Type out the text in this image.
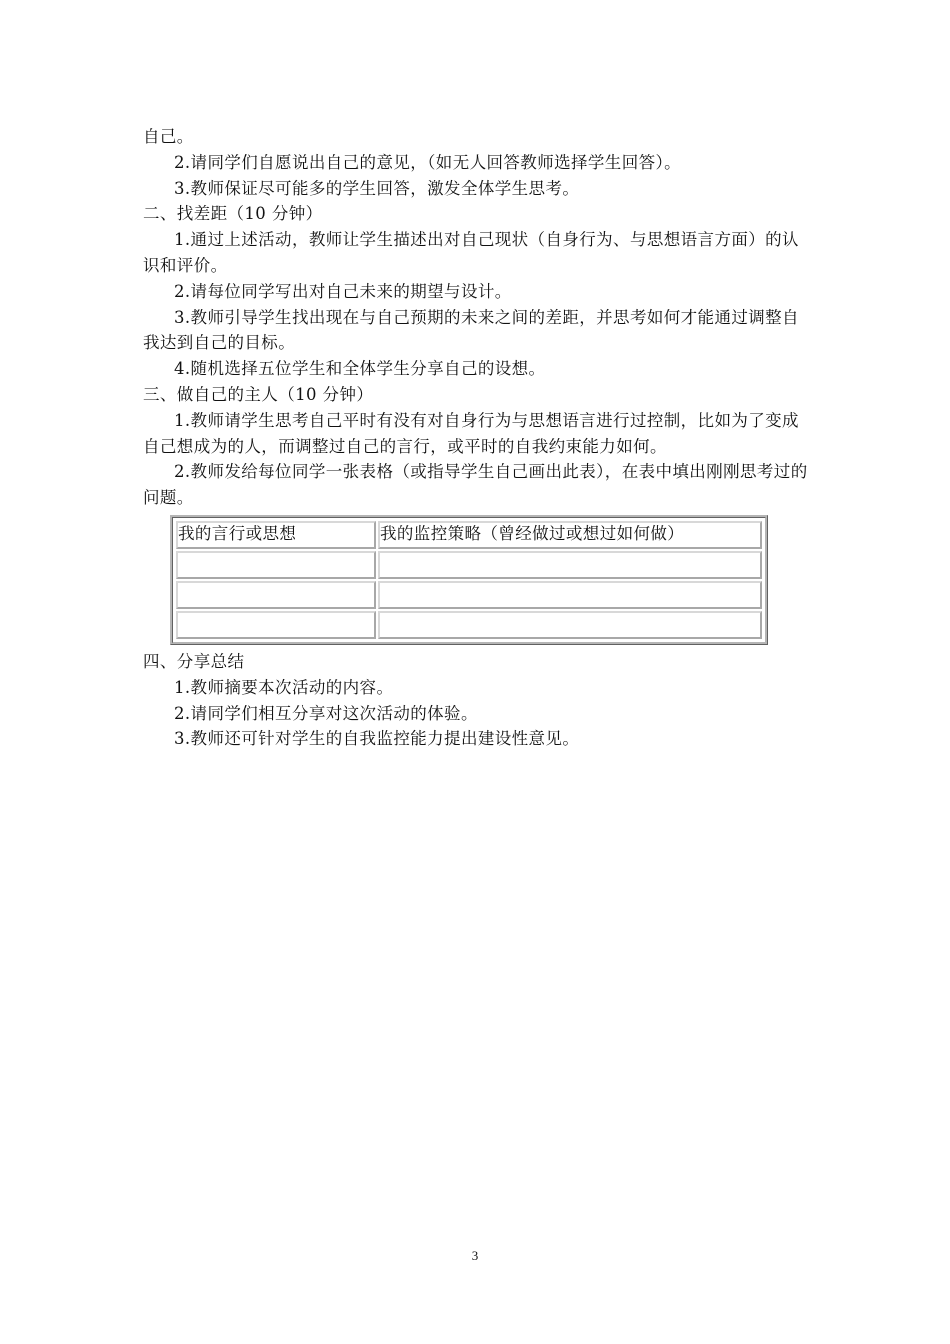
自己。

2.请同学们自愿说出自己的意见，（如无人回答教师选择学生回答）。

3.教师保证尽可能多的学生回答，激发全体学生思考。

二、找差距（10 分钟）

1.通过上述活动，教师让学生描述出对自己现状（自身行为、与思想语言方面）的认识和评价。

2.请每位同学写出对自己未来的期望与设计。

3.教师引导学生找出现在与自己预期的未来之间的差距，并思考如何才能通过调整自我达到自己的目标。

4.随机选择五位学生和全体学生分享自己的设想。

三、做自己的主人（10 分钟）

1.教师请学生思考自己平时有没有对自身行为与思想语言进行过控制，比如为了变成自己想成为的人，而调整过自己的言行，或平时的自我约束能力如何。

2.教师发给每位同学一张表格（或指导学生自己画出此表），在表中填出刚刚思考过的问题。

我的言行或思想	我的监控策略（曾经做过或想过如何做）

四、分享总结

1.教师摘要本次活动的内容。

2.请同学们相互分享对这次活动的体验。

3.教师还可针对学生的自我监控能力提出建设性意见。

3
